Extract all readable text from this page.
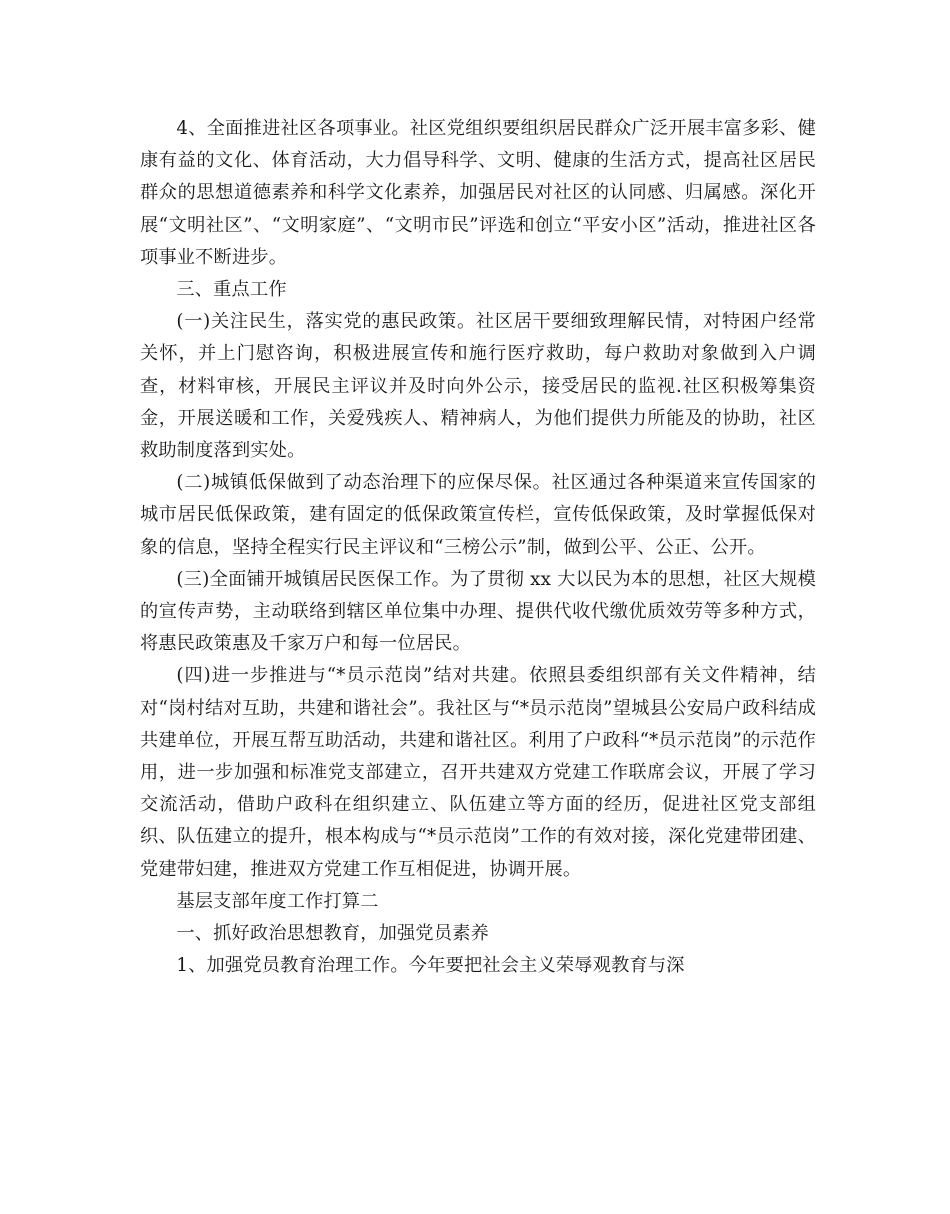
4、全面推进社区各项事业。社区党组织要组织居民群众广泛开展丰富多彩、健康有益的文化、体育活动，大力倡导科学、文明、健康的生活方式，提高社区居民群众的思想道德素养和科学文化素养，加强居民对社区的认同感、归属感。深化开展“文明社区”、“文明家庭”、“文明市民”评选和创立“平安小区”活动，推进社区各项事业不断进步。

三、重点工作

(一)关注民生，落实党的惠民政策。社区居干要细致理解民情，对特困户经常关怀，并上门慰咨询，积极进展宣传和施行医疗救助，每户救助对象做到入户调查，材料审核，开展民主评议并及时向外公示，接受居民的监视.社区积极筹集资金，开展送暖和工作，关爱残疾人、精神病人，为他们提供力所能及的协助，社区救助制度落到实处。

(二)城镇低保做到了动态治理下的应保尽保。社区通过各种渠道来宣传国家的城市居民低保政策，建有固定的低保政策宣传栏，宣传低保政策，及时掌握低保对象的信息，坚持全程实行民主评议和“三榜公示”制，做到公平、公正、公开。

(三)全面铺开城镇居民医保工作。为了贯彻 xx 大以民为本的思想，社区大规模的宣传声势，主动联络到辖区单位集中办理、提供代收代缴优质效劳等多种方式，将惠民政策惠及千家万户和每一位居民。

(四)进一步推进与“*员示范岗”结对共建。依照县委组织部有关文件精神，结对“岗村结对互助，共建和谐社会”。我社区与“*员示范岗”望城县公安局户政科结成共建单位，开展互帮互助活动，共建和谐社区。利用了户政科“*员示范岗”的示范作用，进一步加强和标准党支部建立，召开共建双方党建工作联席会议，开展了学习交流活动，借助户政科在组织建立、队伍建立等方面的经历，促进社区党支部组织、队伍建立的提升，根本构成与“*员示范岗”工作的有效对接，深化党建带团建、党建带妇建，推进双方党建工作互相促进，协调开展。

基层支部年度工作打算二

一、抓好政治思想教育，加强党员素养

1、加强党员教育治理工作。今年要把社会主义荣辱观教育与深
